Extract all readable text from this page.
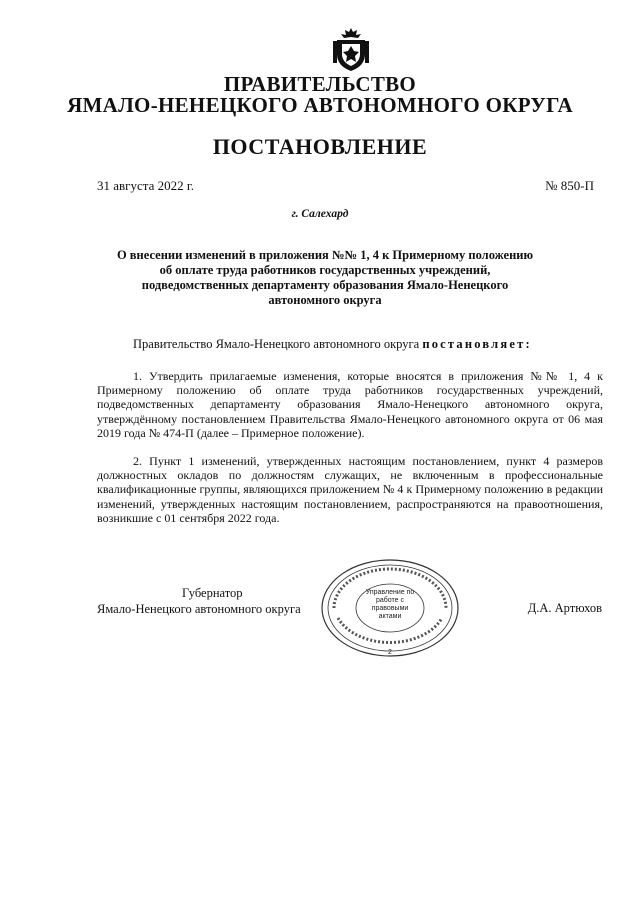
ПРАВИТЕЛЬСТВО
ЯМАЛО-НЕНЕЦКОГО АВТОНОМНОГО ОКРУГА
ПОСТАНОВЛЕНИЕ
31 августа 2022 г.	№ 850-П
г. Салехард
О внесении изменений в приложения №№ 1, 4 к Примерному положению
об оплате труда работников государственных учреждений,
подведомственных департаменту образования Ямало-Ненецкого
автономного округа
Правительство Ямало-Ненецкого автономного округа постановляет:
1. Утвердить прилагаемые изменения, которые вносятся в приложения №№ 1, 4 к Примерному положению об оплате труда работников государственных учреждений, подведомственных департаменту образования Ямало-Ненецкого автономного округа, утверждённому постановлением Правительства Ямало-Ненецкого автономного округа от 06 мая 2019 года № 474-П (далее – Примерное положение).
2. Пункт 1 изменений, утвержденных настоящим постановлением, пункт 4 размеров должностных окладов по должностям служащих, не включенным в профессиональные квалификационные группы, являющихся приложением № 4 к Примерному положению в редакции изменений, утвержденных настоящим постановлением, распространяются на правоотношения, возникшие с 01 сентября 2022 года.
Губернатор
Ямало-Ненецкого автономного округа	Д.А. Артюхов
2
Управление по работе с правовыми актами
